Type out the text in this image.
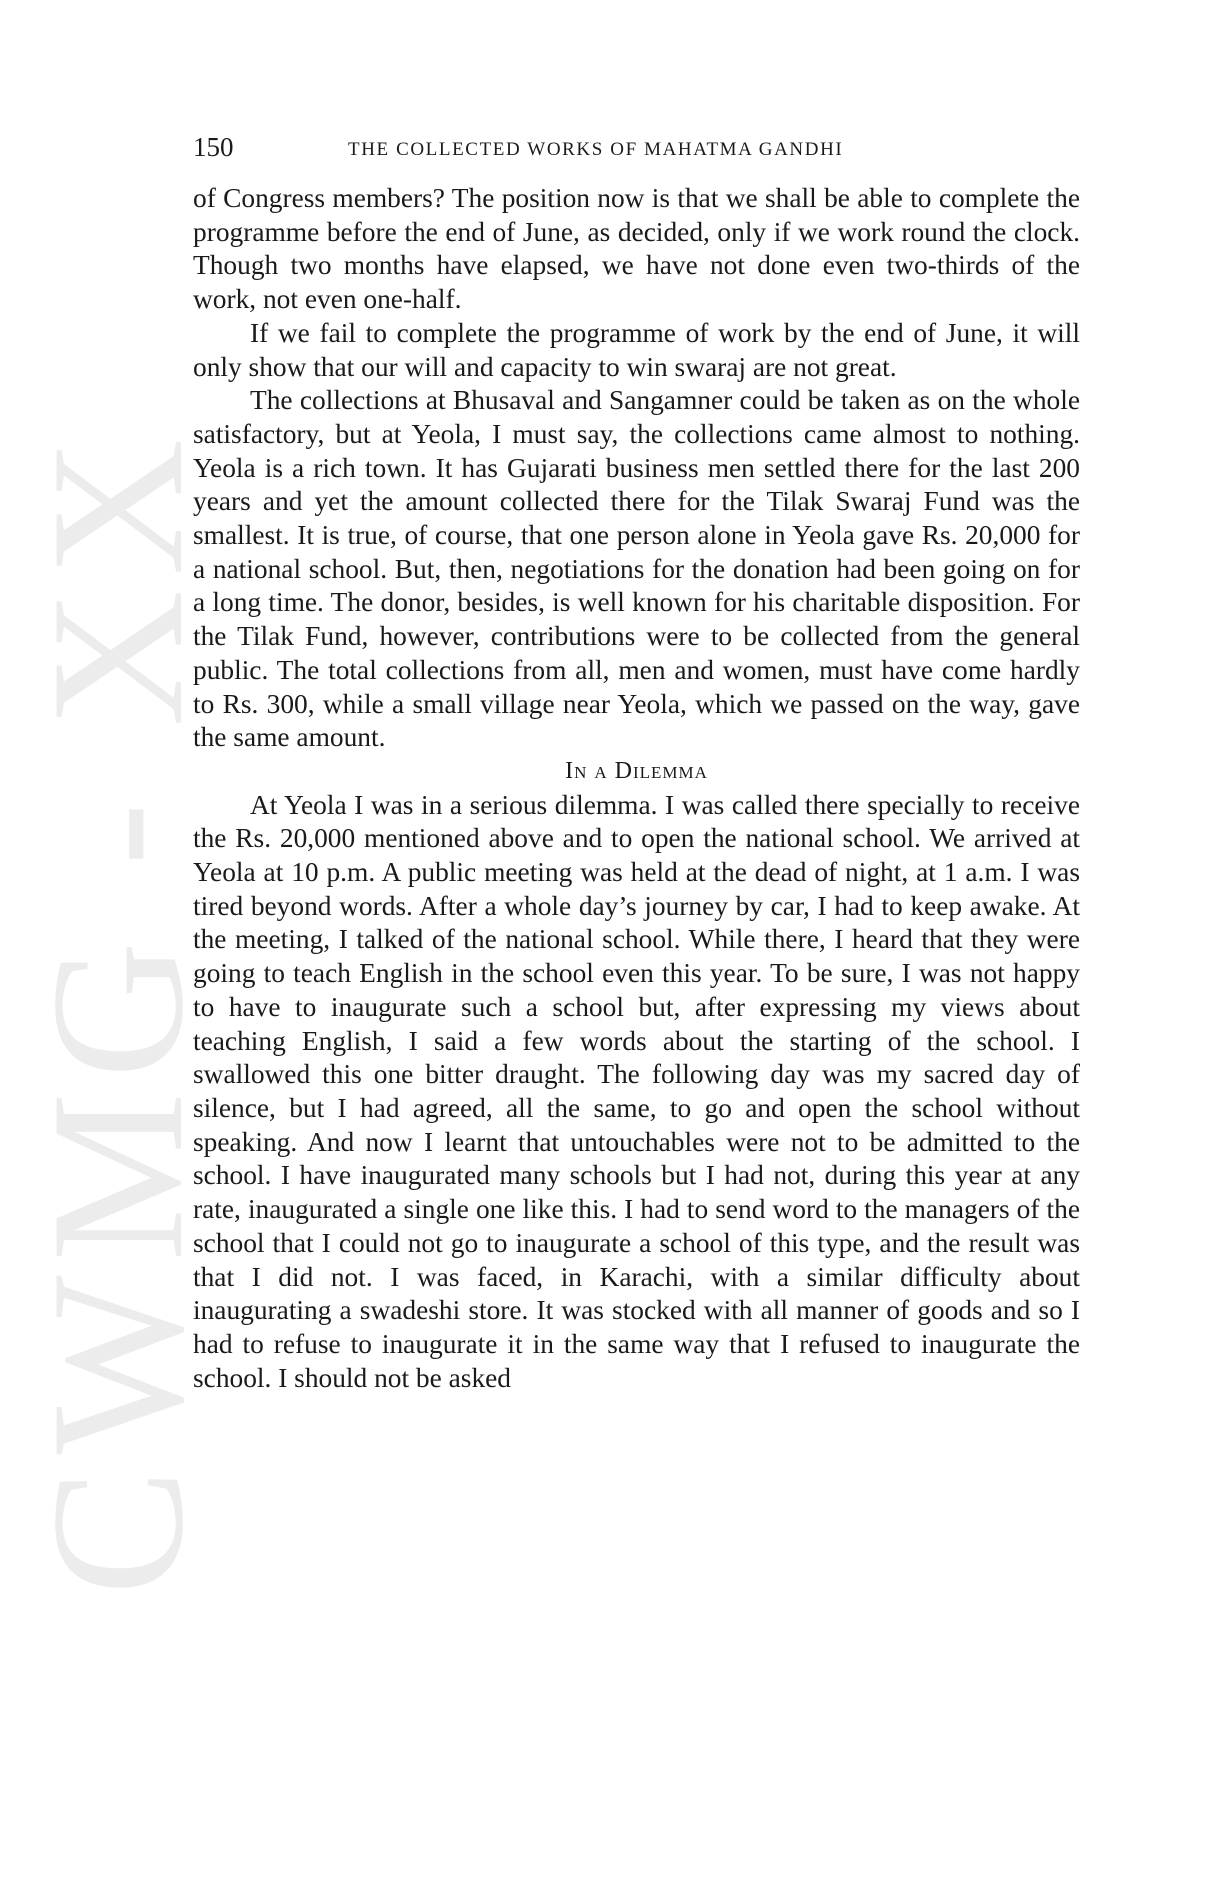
CWMG - XX
150	THE COLLECTED WORKS OF MAHATMA GANDHI

of Congress members? The position now is that we shall be able to complete the programme before the end of June, as decided, only if we work round the clock. Though two months have elapsed, we have not done even two-thirds of the work, not even one-half.

If we fail to complete the programme of work by the end of June, it will only show that our will and capacity to win swaraj are not great.

The collections at Bhusaval and Sangamner could be taken as on the whole satisfactory, but at Yeola, I must say, the collections came almost to nothing. Yeola is a rich town. It has Gujarati business men settled there for the last 200 years and yet the amount collected there for the Tilak Swaraj Fund was the smallest. It is true, of course, that one person alone in Yeola gave Rs. 20,000 for a national school. But, then, negotiations for the donation had been going on for a long time. The donor, besides, is well known for his charitable disposition. For the Tilak Fund, however, contributions were to be collected from the general public. The total collections from all, men and women, must have come hardly to Rs. 300, while a small village near Yeola, which we passed on the way, gave the same amount.

In a Dilemma

At Yeola I was in a serious dilemma. I was called there specially to receive the Rs. 20,000 mentioned above and to open the national school. We arrived at Yeola at 10 p.m. A public meeting was held at the dead of night, at 1 a.m. I was tired beyond words. After a whole day’s journey by car, I had to keep awake. At the meeting, I talked of the national school. While there, I heard that they were going to teach English in the school even this year. To be sure, I was not happy to have to inaugurate such a school but, after expressing my views about teaching English, I said a few words about the starting of the school. I swallowed this one bitter draught. The following day was my sacred day of silence, but I had agreed, all the same, to go and open the school without speaking. And now I learnt that untouchables were not to be admitted to the school. I have inaugurated many schools but I had not, during this year at any rate, inaugurated a single one like this. I had to send word to the managers of the school that I could not go to inaugurate a school of this type, and the result was that I did not. I was faced, in Karachi, with a similar difficulty about inaugurating a swadeshi store. It was stocked with all manner of goods and so I had to refuse to inaugurate it in the same way that I refused to inaugurate the school. I should not be asked
